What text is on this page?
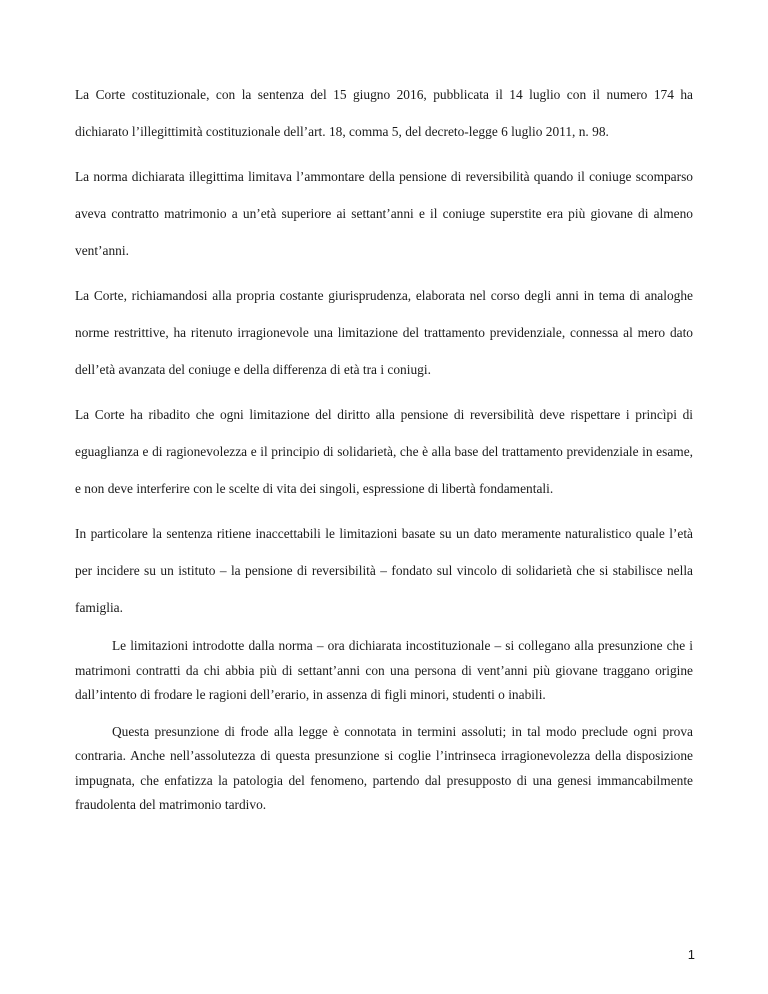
La Corte costituzionale, con la sentenza del 15 giugno 2016, pubblicata il 14 luglio con il numero 174 ha dichiarato l’illegittimità costituzionale dell’art. 18, comma 5, del decreto-legge 6 luglio 2011, n. 98.

La norma dichiarata illegittima limitava l’ammontare della pensione di reversibilità quando il coniuge scomparso aveva contratto matrimonio a un’età superiore ai settant’anni e il coniuge superstite era più giovane di almeno vent’anni.

La Corte, richiamandosi alla propria costante giurisprudenza, elaborata nel corso degli anni in tema di analoghe norme restrittive, ha ritenuto irragionevole una limitazione del trattamento previdenziale, connessa al mero dato dell’età avanzata del coniuge e della differenza di età tra i coniugi.

La Corte ha ribadito che ogni limitazione del diritto alla pensione di reversibilità deve rispettare i princìpi di eguaglianza e di ragionevolezza e il principio di solidarietà, che è alla base del trattamento previdenziale in esame, e non deve interferire con le scelte di vita dei singoli, espressione di libertà fondamentali.

In particolare la sentenza ritiene inaccettabili le limitazioni basate su un dato meramente naturalistico quale l’età per incidere su un istituto – la pensione di reversibilità – fondato sul vincolo di solidarietà che si stabilisce nella famiglia.

Le limitazioni introdotte dalla norma – ora dichiarata incostituzionale – si collegano alla presunzione che i matrimoni contratti da chi abbia più di settant’anni con una persona di vent’anni più giovane traggano origine dall’intento di frodare le ragioni dell’erario, in assenza di figli minori, studenti o inabili.

Questa presunzione di frode alla legge è connotata in termini assoluti; in tal modo preclude ogni prova contraria. Anche nell’assolutezza di questa presunzione si coglie l’intrinseca irragionevolezza della disposizione impugnata, che enfatizza la patologia del fenomeno, partendo dal presupposto di una genesi immancabilmente fraudolenta del matrimonio tardivo.

1
